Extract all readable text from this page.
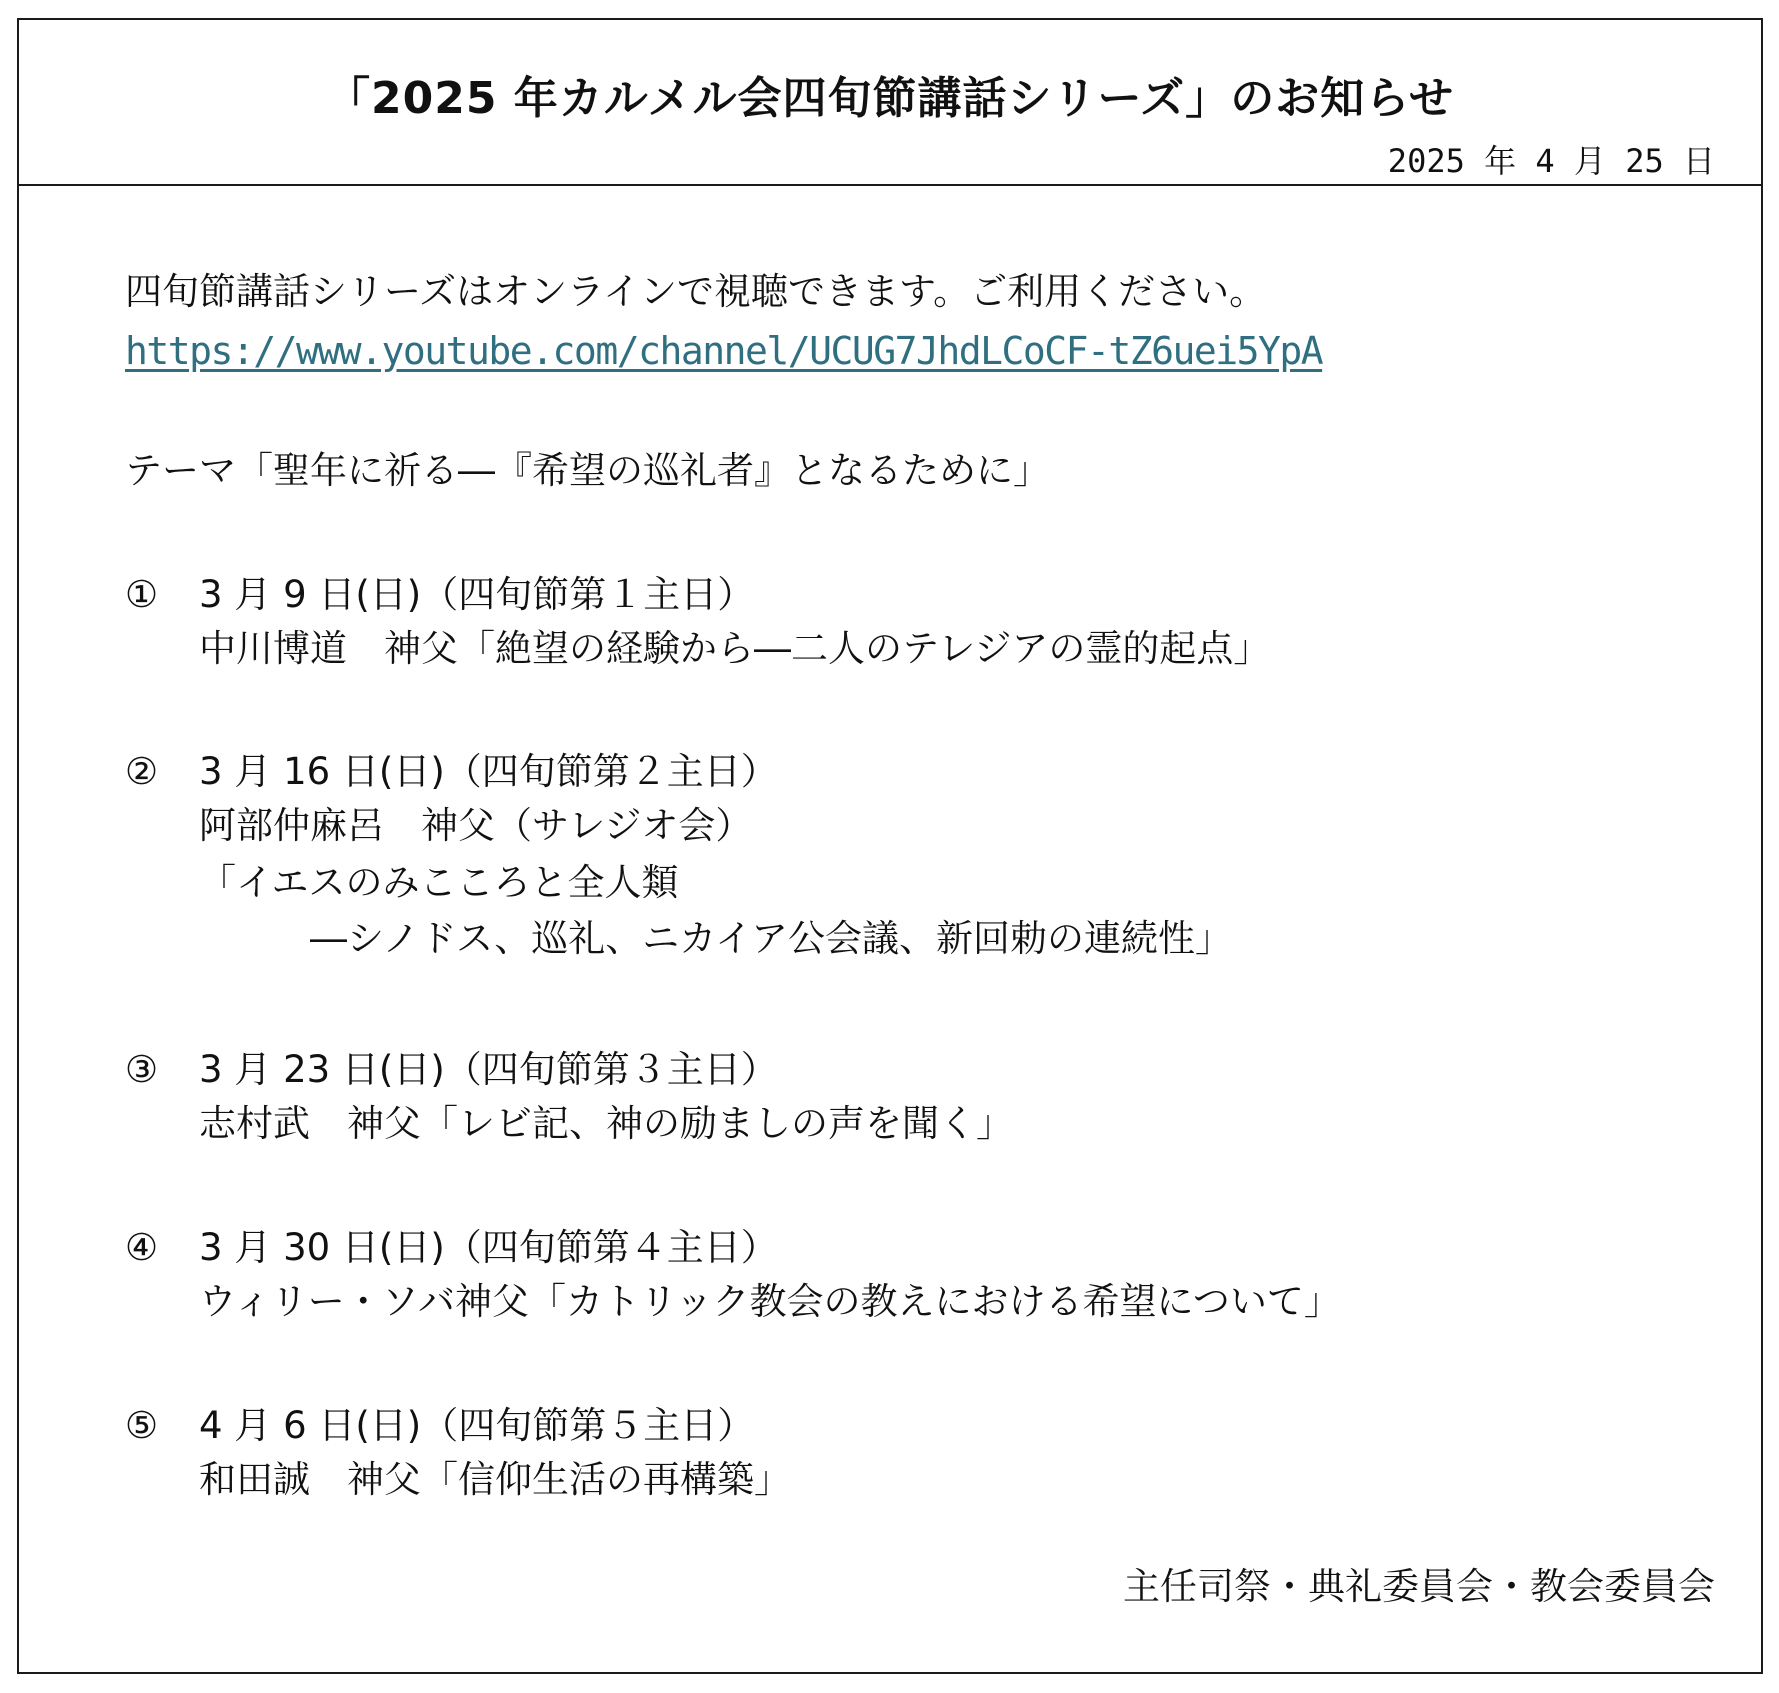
「2025 年カルメル会四旬節講話シリーズ」のお知らせ
2025 年 4 月 25 日
四旬節講話シリーズはオンラインで視聴できます。ご利用ください。
https://www.youtube.com/channel/UCUG7JhdLCoCF-tZ6uei5YpA
テーマ「聖年に祈る―『希望の巡礼者』となるために」
① 3 月 9 日(日)（四旬節第１主日）
中川博道　神父「絶望の経験から―二人のテレジアの霊的起点」
② 3 月 16 日(日)（四旬節第２主日）
阿部仲麻呂　神父（サレジオ会）
「イエスのみこころと全人類
　　　―シノドス、巡礼、ニカイア公会議、新回勅の連続性」
③ 3 月 23 日(日)（四旬節第３主日）
志村武　神父「レビ記、神の励ましの声を聞く」
④ 3 月 30 日(日)（四旬節第４主日）
ウィリー・ソバ神父「カトリック教会の教えにおける希望について」
⑤ 4 月 6 日(日)（四旬節第５主日）
和田誠　神父「信仰生活の再構築」
主任司祭・典礼委員会・教会委員会
